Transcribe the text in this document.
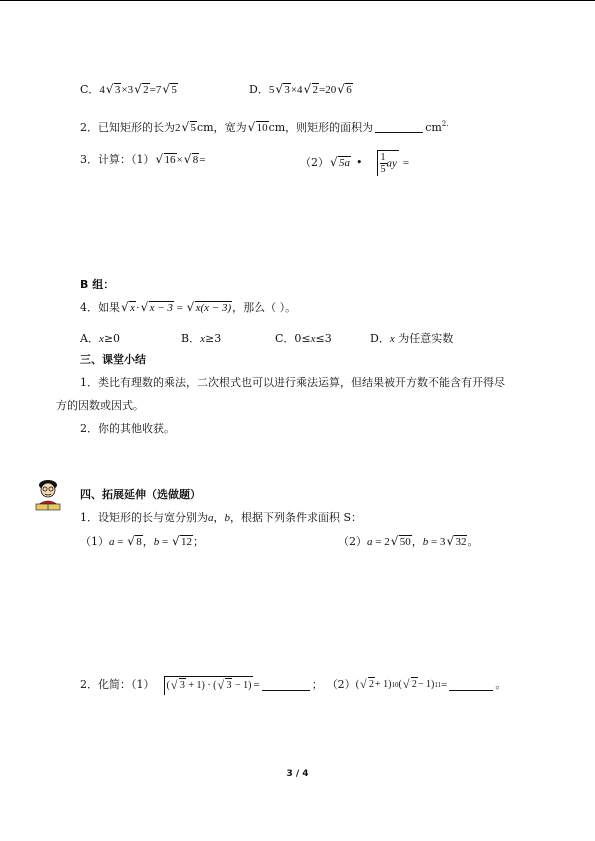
C．4 √ 3×3 √ 2=7 √ 5	D．5 √ 3×4 √ 2=20 √ 6
2．已知矩形的长为2 √ 5cm，宽为 √ 10cm，则矩形的面积为	$cm^{2.}$
3．计算：（1） √ 16× √ 8=	（2） √ 5a • $\frac{1}{5}$ ay =
B 组：
4．如果 √ x· √ x − 3 = √ x(x − 3)，那么（ ）。
A．x≥0	B．x≥3	C．0≤x≤3	D．x 为任意实数
三、课堂小结
1．类比有理数的乘法，二次根式也可以进行乘法运算，但结果被开方数不能含有开得尽
方的因数或因式。
2．你的其他收获。
四、拓展延伸（选做题）
1．设矩形的长与宽分别为a，b，根据下列条件求面积 S：
（1）a = √ 8，b = √ 12；	（2）a = 2 √ 50，b = 3 √ 32。
2．化简：（1）	( √ 3 + 1) · ( √ 3 − 1) =	； （2） (	√ 2 + 1) 10 (	√ 2 − 1) 11 =	。
3 / 4
